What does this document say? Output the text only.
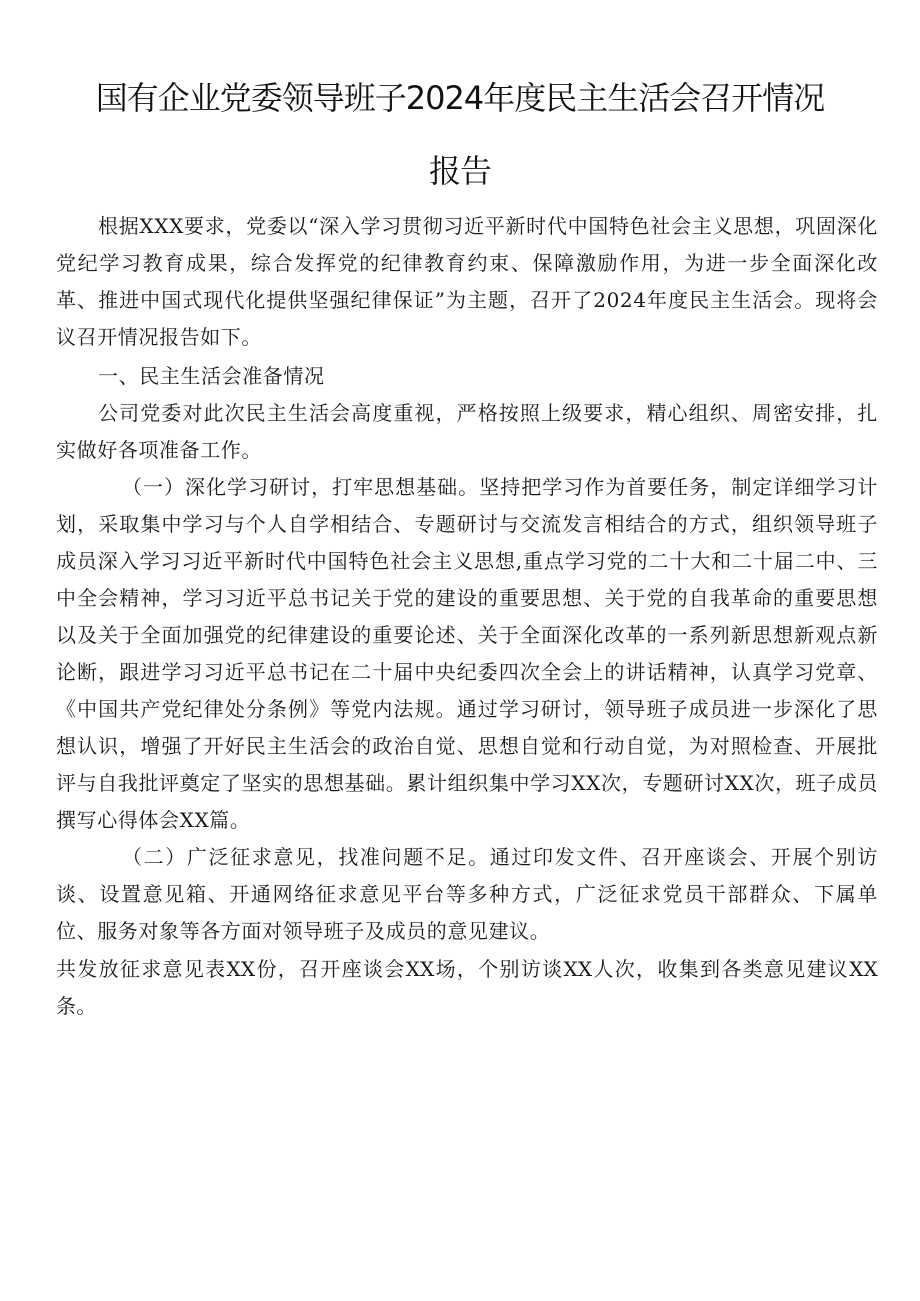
国有企业党委领导班子2024年度民主生活会召开情况
报告

根据XXX要求，党委以“深入学习贯彻习近平新时代中国特色社会主义思想，巩固深化党纪学习教育成果，综合发挥党的纪律教育约束、保障激励作用，为进一步全面深化改革、推进中国式现代化提供坚强纪律保证”为主题，召开了2024年度民主生活会。现将会议召开情况报告如下。

一、民主生活会准备情况

公司党委对此次民主生活会高度重视，严格按照上级要求，精心组织、周密安排，扎实做好各项准备工作。

（一）深化学习研讨，打牢思想基础。坚持把学习作为首要任务，制定详细学习计划，采取集中学习与个人自学相结合、专题研讨与交流发言相结合的方式，组织领导班子成员深入学习习近平新时代中国特色社会主义思想,重点学习党的二十大和二十届二中、三中全会精神，学习习近平总书记关于党的建设的重要思想、关于党的自我革命的重要思想以及关于全面加强党的纪律建设的重要论述、关于全面深化改革的一系列新思想新观点新论断，跟进学习习近平总书记在二十届中央纪委四次全会上的讲话精神，认真学习党章、《中国共产党纪律处分条例》等党内法规。通过学习研讨，领导班子成员进一步深化了思想认识，增强了开好民主生活会的政治自觉、思想自觉和行动自觉，为对照检查、开展批评与自我批评奠定了坚实的思想基础。累计组织集中学习XX次，专题研讨XX次，班子成员撰写心得体会XX篇。

（二）广泛征求意见，找准问题不足。通过印发文件、召开座谈会、开展个别访谈、设置意见箱、开通网络征求意见平台等多种方式，广泛征求党员干部群众、下属单位、服务对象等各方面对领导班子及成员的意见建议。

共发放征求意见表XX份，召开座谈会XX场，个别访谈XX人次，收集到各类意见建议XX条。
